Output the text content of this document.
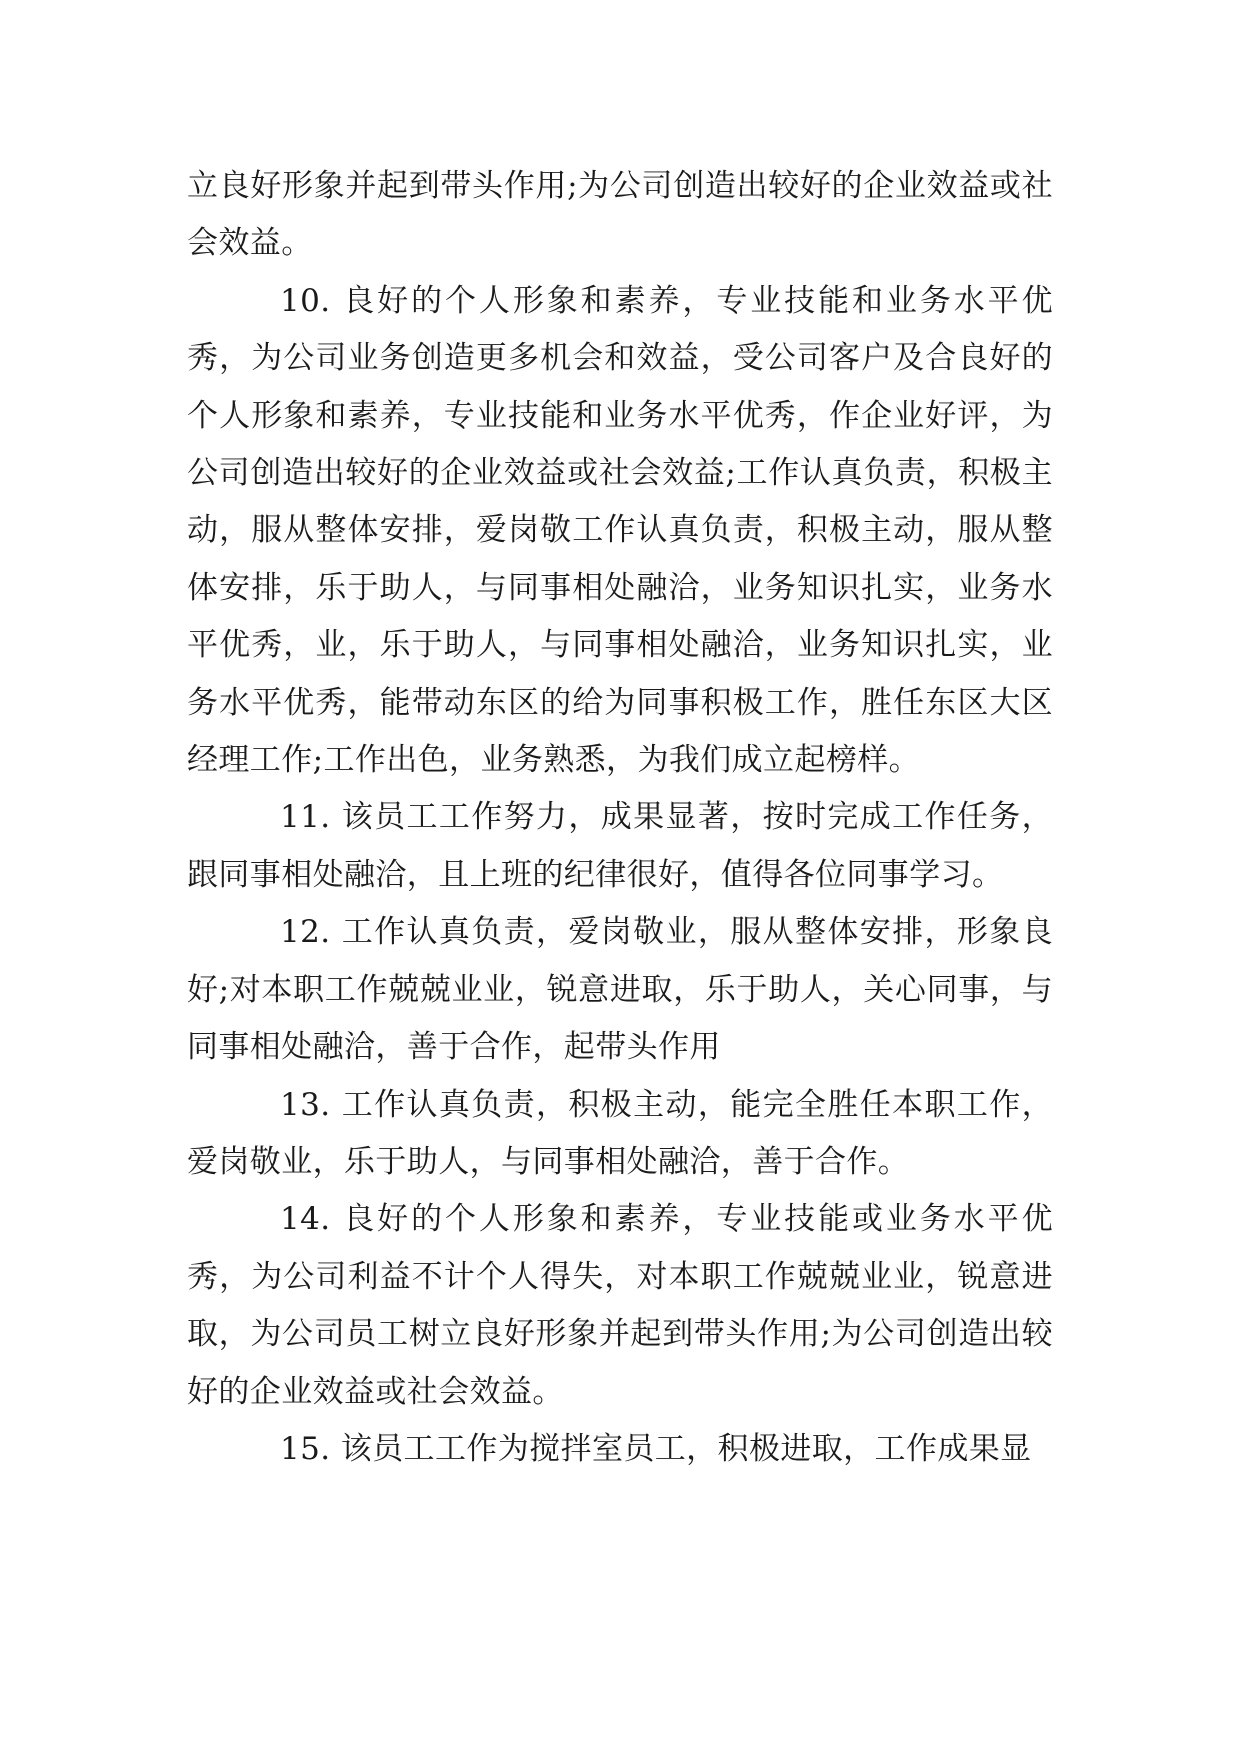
立良好形象并起到带头作用;为公司创造出较好的企业效益或社会效益。

10. 良好的个人形象和素养，专业技能和业务水平优秀，为公司业务创造更多机会和效益，受公司客户及合良好的个人形象和素养，专业技能和业务水平优秀，作企业好评，为公司创造出较好的企业效益或社会效益;工作认真负责，积极主动，服从整体安排，爱岗敬工作认真负责，积极主动，服从整体安排，乐于助人，与同事相处融洽，业务知识扎实，业务水平优秀，业，乐于助人，与同事相处融洽，业务知识扎实，业务水平优秀，能带动东区的给为同事积极工作，胜任东区大区经理工作;工作出色，业务熟悉，为我们成立起榜样。

11. 该员工工作努力，成果显著，按时完成工作任务，跟同事相处融洽，且上班的纪律很好，值得各位同事学习。

12. 工作认真负责，爱岗敬业，服从整体安排，形象良好;对本职工作兢兢业业，锐意进取，乐于助人，关心同事，与同事相处融洽，善于合作，起带头作用

13. 工作认真负责，积极主动，能完全胜任本职工作，爱岗敬业，乐于助人，与同事相处融洽，善于合作。

14. 良好的个人形象和素养，专业技能或业务水平优秀，为公司利益不计个人得失，对本职工作兢兢业业，锐意进取，为公司员工树立良好形象并起到带头作用;为公司创造出较好的企业效益或社会效益。

15. 该员工工作为搅拌室员工，积极进取，工作成果显
